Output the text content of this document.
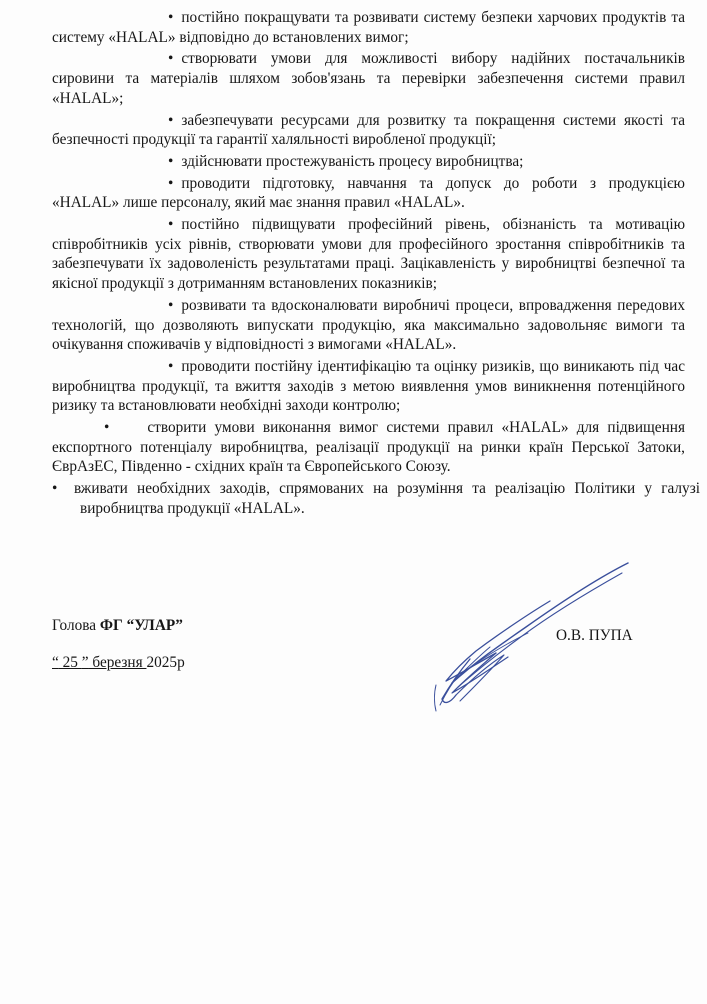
• постійно покращувати та розвивати систему безпеки харчових продуктів та систему «HALAL» відповідно до встановлених вимог;

• створювати умови для можливості вибору надійних постачальників сировини та матеріалів шляхом зобов'язань та перевірки забезпечення системи правил «HALAL»;

• забезпечувати ресурсами для розвитку та покращення системи якості та безпечності продукції та гарантії халяльності виробленої продукції;

• здійснювати простежуваність процесу виробництва;

• проводити підготовку, навчання та допуск до роботи з продукцією «HALAL» лише персоналу, який має знання правил «HALAL».

• постійно підвищувати професійний рівень, обізнаність та мотивацію співробітників усіх рівнів, створювати умови для професійного зростання співробітників та забезпечувати їх задоволеність результатами праці. Зацікавленість у виробництві безпечної та якісної продукції з дотриманням встановлених показників;

• розвивати та вдосконалювати виробничі процеси, впровадження передових технологій, що дозволяють випускати продукцію, яка максимально задовольняє вимоги та очікування споживачів у відповідності з вимогами «HALAL».

• проводити постійну ідентифікацію та оцінку ризиків, що виникають під час виробництва продукції, та вжиття заходів з метою виявлення умов виникнення потенційного ризику та встановлювати необхідні заходи контролю;

• створити умови виконання вимог системи правил «HALAL» для підвищення експортного потенціалу виробництва, реалізації продукції на ринки країн Перської Затоки, ЄврАзЕС, Південно - східних країн та Європейського Союзу.

• вживати необхідних заходів, спрямованих на розуміння та реалізацію Політики у галузі виробництва продукції «HALAL».

Голова ФГ “УЛАР”
“ 25 ” березня 2025р
О.В. ПУПА
